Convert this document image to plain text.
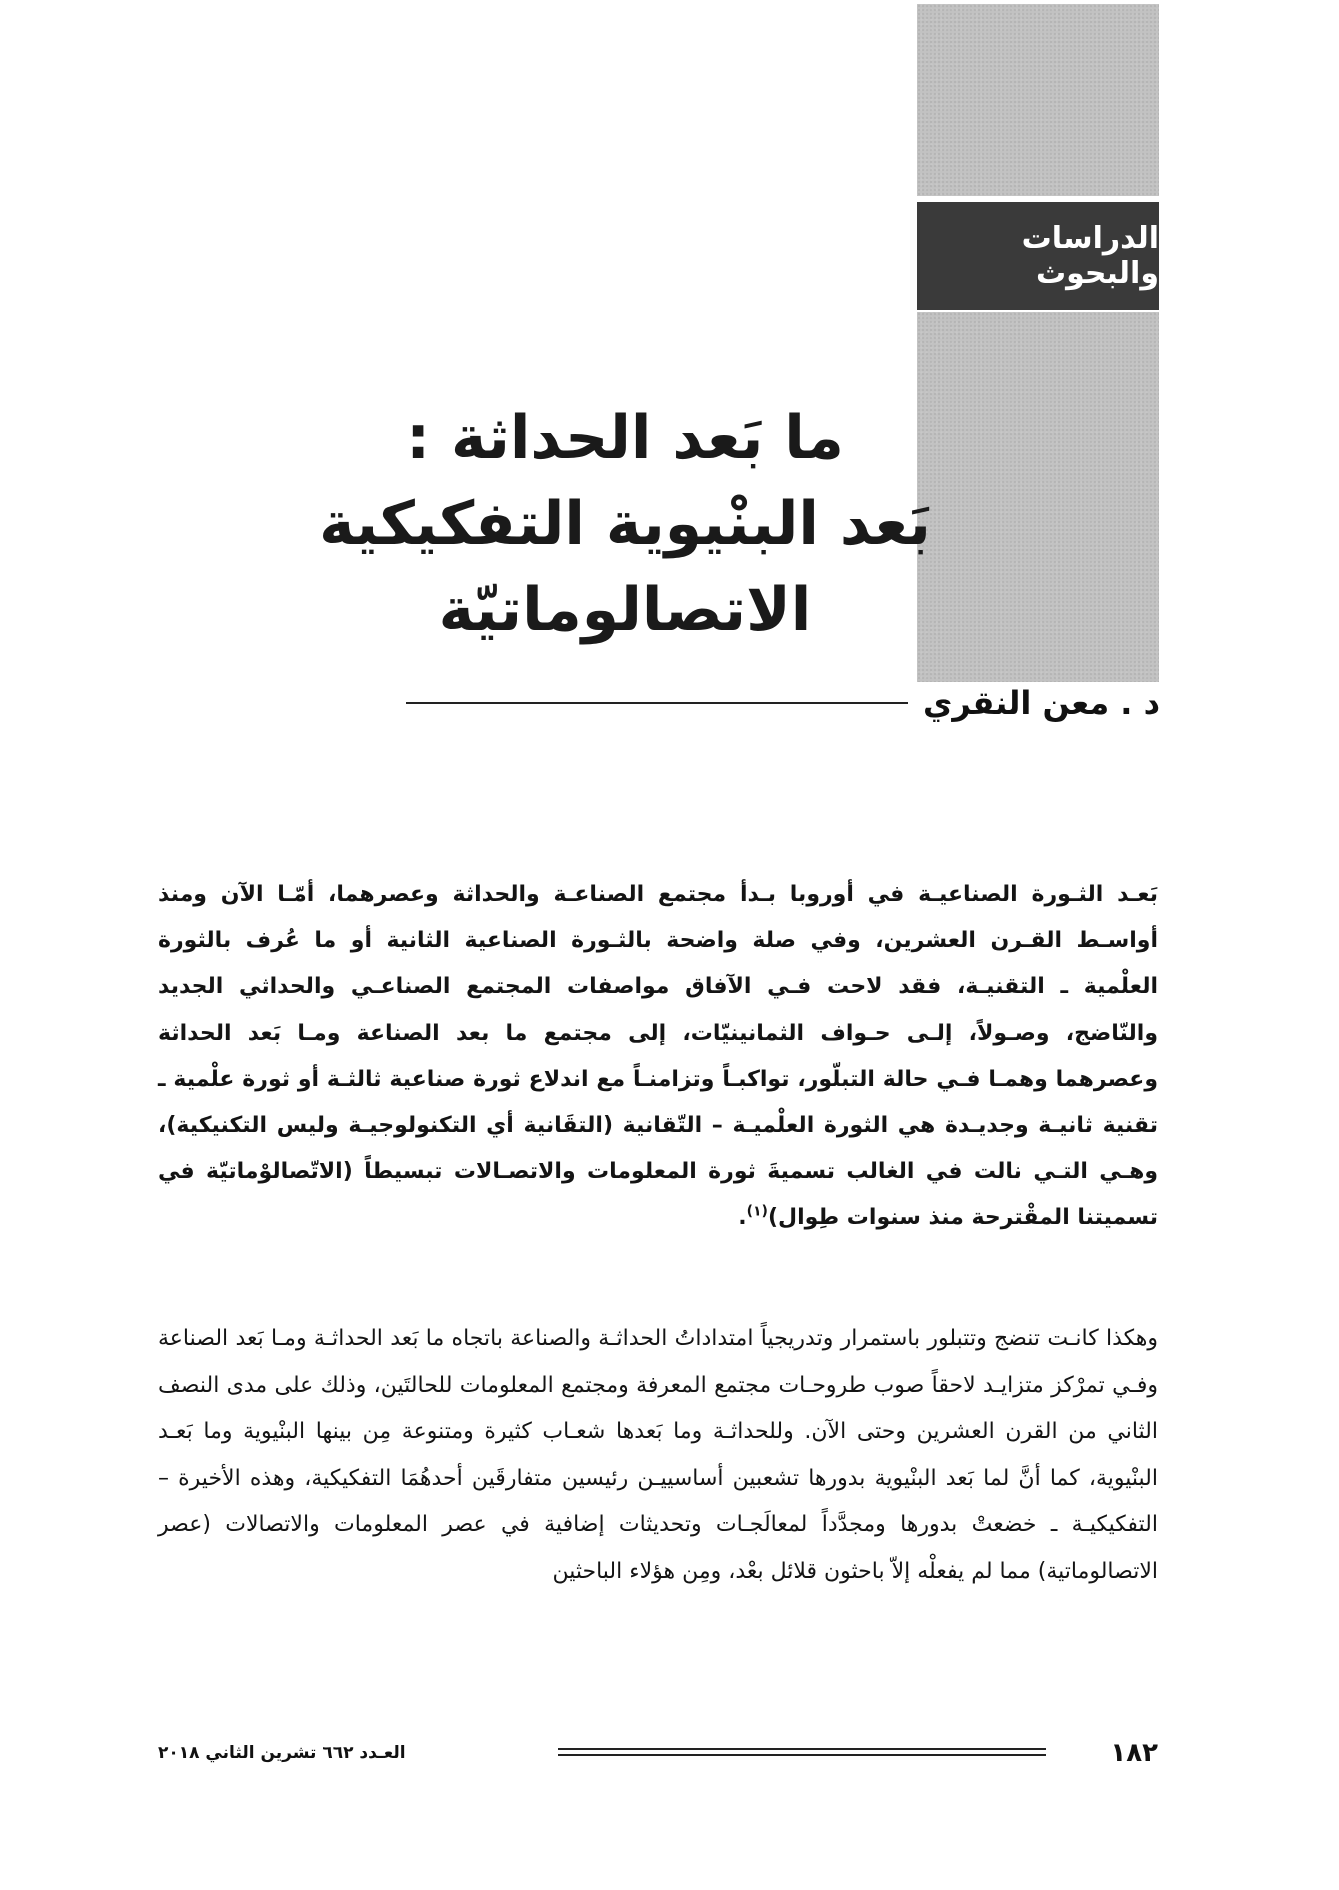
الدراسات والبحوث
ما بَعد الحداثة :
بَعد البنْيوية التفكيكية الاتصالوماتيّة
د . معن النقري

بَعـد الثـورة الصناعيـة في أوروبا بـدأ مجتمع الصناعـة والحداثة وعصرهما، أمّـا الآن ومنذ أواسـط القـرن العشرين، وفي صلة واضحة بالثـورة الصناعية الثانية أو ما عُرف بالثورة العلْمية ـ التقنيـة، فقد لاحت فـي الآفاق مواصفات المجتمع الصناعـي والحداثي الجديد والنّاضج، وصـولاً، إلـى حـواف الثمانينيّات، إلى مجتمع ما بعد الصناعة ومـا بَعد الحداثة وعصرهما وهمـا فـي حالة التبلّور، تواكبـاً وتزامنـاً مع اندلاع ثورة صناعية ثالثـة أو ثورة علْمية ـ تقنية ثانيـة وجديـدة هي الثورة العلْميـة – التّقانية (التقَانية أي التكنولوجيـة وليس التكنيكية)، وهـي التـي نالت في الغالب تسميةَ ثورة المعلومات والاتصـالات تبسيطاً (الاتّصالوْماتيّة في تسميتنا المقْترحة منذ سنوات طِوال)$^{(١)}$.

وهكذا كانـت تنضج وتتبلور باستمرار وتدريجياً امتداداتُ الحداثـة والصناعة باتجاه ما بَعد الحداثـة ومـا بَعد الصناعة وفـي تمرْكز متزايـد لاحقاً صوب طروحـات مجتمع المعرفة ومجتمع المعلومات للحالتَين، وذلك على مدى النصف الثاني من القرن العشرين وحتى الآن. وللحداثـة وما بَعدها شعـاب كثيرة ومتنوعة مِن بينها البنْيوية وما بَعـد البنْيوية، كما أنَّ لما بَعد البنْيوية بدورها تشعبين أساسييـن رئيسين متفارقَين أحدهُمَا التفكيكية، وهذه الأخيرة – التفكيكيـة ـ خضعتْ بدورها ومجدَّداً لمعالَجـات وتحديثات إضافية في عصر المعلومات والاتصالات (عصر الاتصالوماتية) مما لم يفعلْه إلاّ باحثون قلائل بعْد، ومِن هؤلاء الباحثين

١٨٢
العـدد ٦٦٢ تشرين الثاني ٢٠١٨
